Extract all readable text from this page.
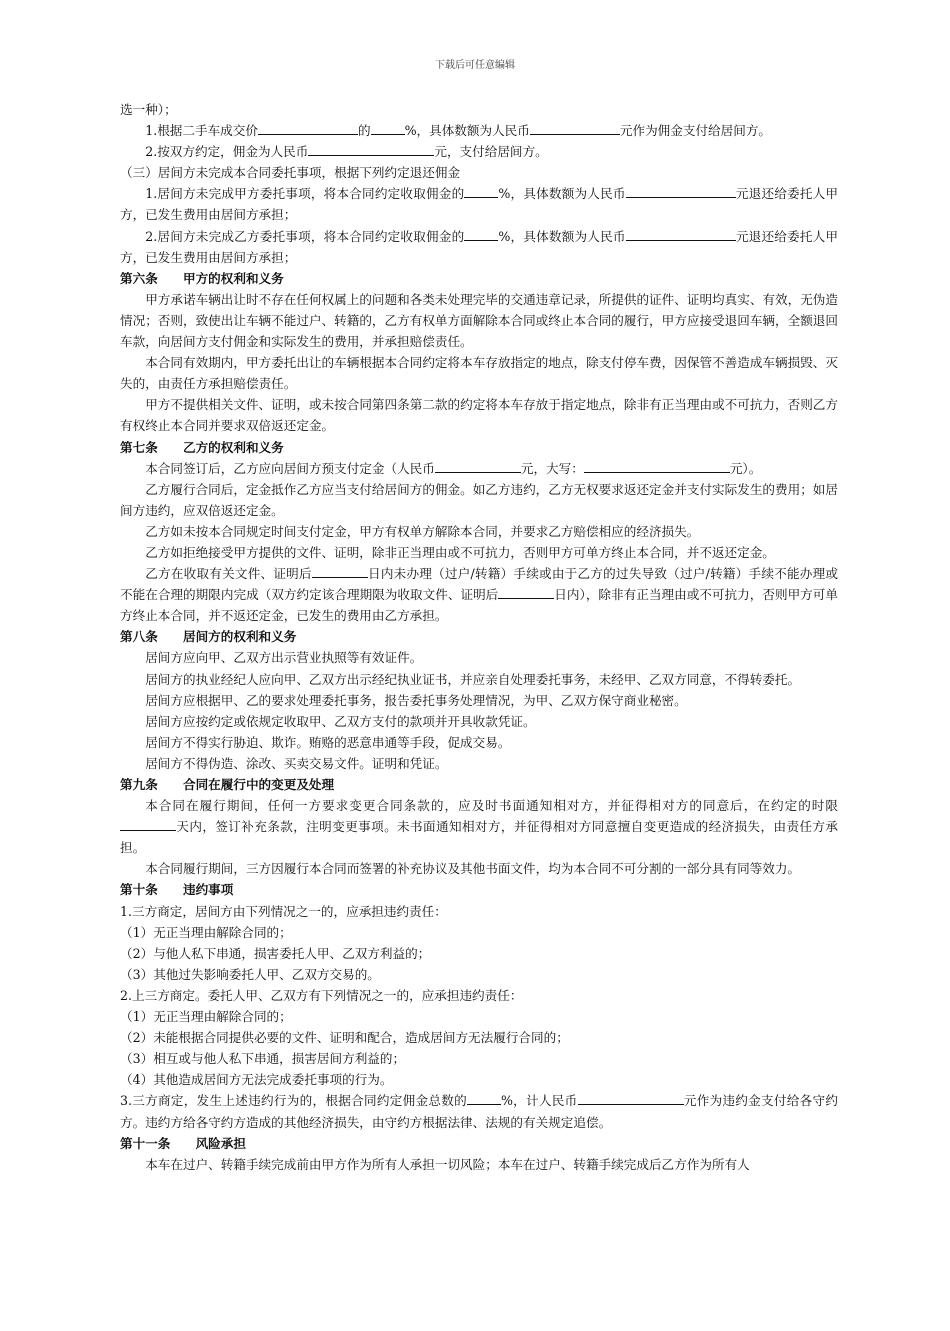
下载后可任意编辑

选一种）；

1.根据二手车成交价	的	%，具体数额为人民币	元作为佣金支付给居间方。

2.按双方约定，佣金为人民币	元，支付给居间方。

（三）居间方未完成本合同委托事项，根据下列约定退还佣金

1.居间方未完成甲方委托事项，将本合同约定收取佣金的	%，具体数额为人民币	元退还给委托人甲方，已发生费用由居间方承担；

2.居间方未完成乙方委托事项，将本合同约定收取佣金的	%，具体数额为人民币	元退还给委托人甲方，已发生费用由居间方承担；

第六条　　甲方的权利和义务

甲方承诺车辆出让时不存在任何权属上的问题和各类未处理完毕的交通违章记录，所提供的证件、证明均真实、有效，无伪造情况；否则，致使出让车辆不能过户、转籍的，乙方有权单方面解除本合同或终止本合同的履行，甲方应接受退回车辆，全额退回车款，向居间方支付佣金和实际发生的费用，并承担赔偿责任。

本合同有效期内，甲方委托出让的车辆根据本合同约定将本车存放指定的地点，除支付停车费，因保管不善造成车辆损毁、灭失的，由责任方承担赔偿责任。

甲方不提供相关文件、证明，或未按合同第四条第二款的约定将本车存放于指定地点，除非有正当理由或不可抗力，否则乙方有权终止本合同并要求双倍返还定金。

第七条　　乙方的权利和义务

本合同签订后，乙方应向居间方预支付定金（人民币	元，大写：	元）。

乙方履行合同后，定金抵作乙方应当支付给居间方的佣金。如乙方违约，乙方无权要求返还定金并支付实际发生的费用；如居间方违约，应双倍返还定金。

乙方如未按本合同规定时间支付定金，甲方有权单方解除本合同，并要求乙方赔偿相应的经济损失。

乙方如拒绝接受甲方提供的文件、证明，除非正当理由或不可抗力，否则甲方可单方终止本合同，并不返还定金。

乙方在收取有关文件、证明后	日内未办理（过户/转籍）手续或由于乙方的过失导致（过户/转籍）手续不能办理或不能在合理的期限内完成（双方约定该合理期限为收取文件、证明后	日内），除非有正当理由或不可抗力，否则甲方可单方终止本合同，并不返还定金，已发生的费用由乙方承担。

第八条　　居间方的权利和义务

居间方应向甲、乙双方出示营业执照等有效证件。

居间方的执业经纪人应向甲、乙双方出示经纪执业证书，并应亲自处理委托事务，未经甲、乙双方同意，不得转委托。

居间方应根据甲、乙的要求处理委托事务，报告委托事务处理情况，为甲、乙双方保守商业秘密。

居间方应按约定或依规定收取甲、乙双方支付的款项并开具收款凭证。

居间方不得实行胁迫、欺诈。贿赂的恶意串通等手段，促成交易。

居间方不得伪造、涂改、买卖交易文件。证明和凭证。

第九条　　合同在履行中的变更及处理

本合同在履行期间，任何一方要求变更合同条款的，应及时书面通知相对方，并征得相对方的同意后，在约定的时限天内，签订补充条款，注明变更事项。未书面通知相对方，并征得相对方同意擅自变更造成的经济损失，由责任方承担。

本合同履行期间，三方因履行本合同而签署的补充协议及其他书面文件，均为本合同不可分割的一部分具有同等效力。

第十条　　违约事项

1.三方商定，居间方由下列情况之一的，应承担违约责任：

（1）无正当理由解除合同的；

（2）与他人私下串通，损害委托人甲、乙双方利益的；

（3）其他过失影响委托人甲、乙双方交易的。

2.上三方商定。委托人甲、乙双方有下列情况之一的，应承担违约责任：

（1）无正当理由解除合同的；

（2）未能根据合同提供必要的文件、证明和配合，造成居间方无法履行合同的；

（3）相互或与他人私下串通，损害居间方利益的；

（4）其他造成居间方无法完成委托事项的行为。

3.三方商定，发生上述违约行为的，根据合同约定佣金总数的	%，计人民币	元作为违约金支付给各守约方。违约方给各守约方造成的其他经济损失，由守约方根据法律、法规的有关规定追偿。

第十一条　　风险承担

本车在过户、转籍手续完成前由甲方作为所有人承担一切风险；本车在过户、转籍手续完成后乙方作为所有人
